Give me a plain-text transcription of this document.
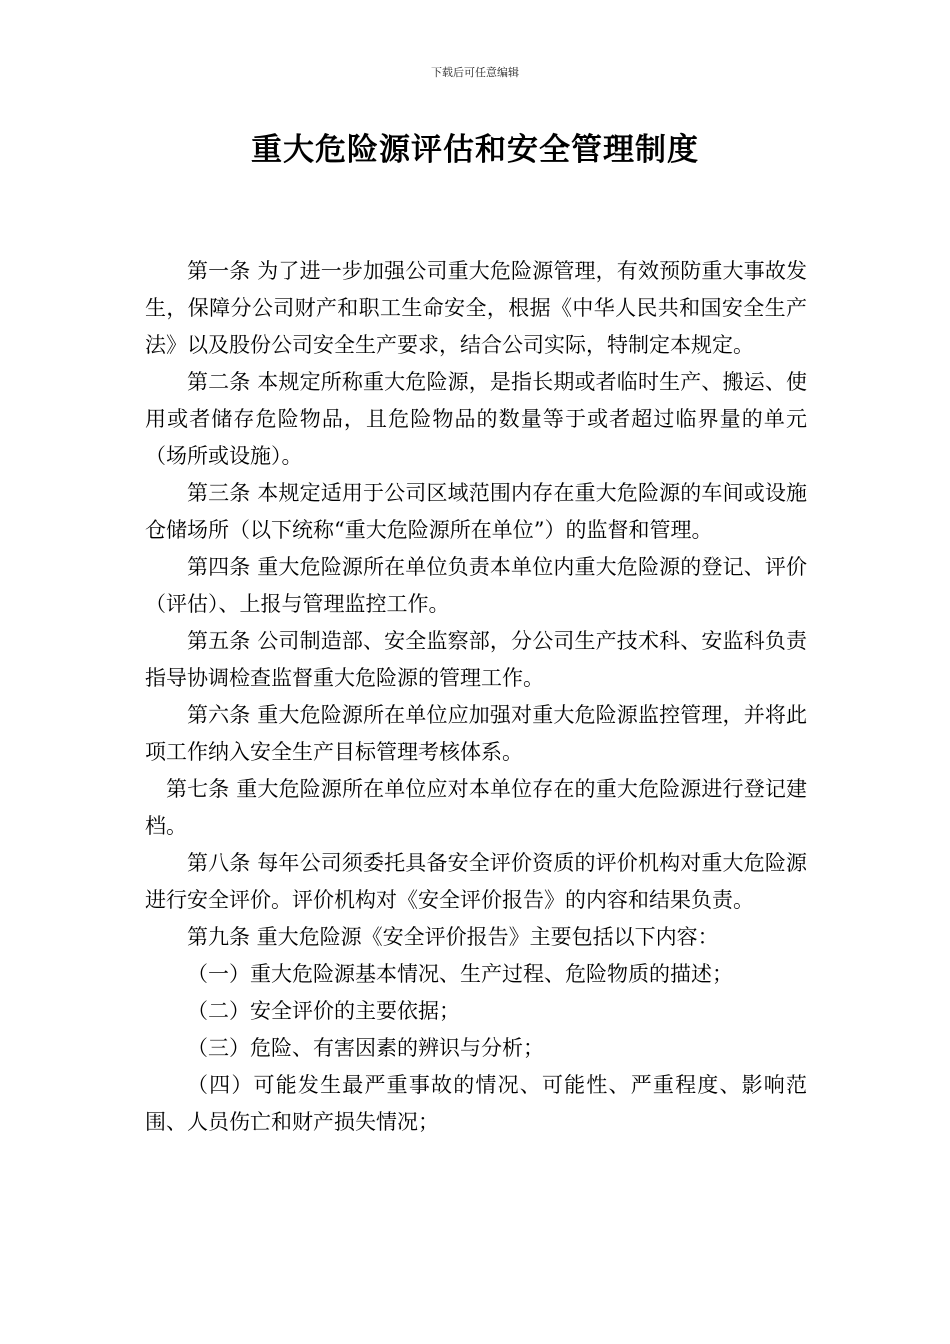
下载后可任意编辑
重大危险源评估和安全管理制度

第一条 为了进一步加强公司重大危险源管理，有效预防重大事故发生，保障分公司财产和职工生命安全，根据《中华人民共和国安全生产法》以及股份公司安全生产要求，结合公司实际，特制定本规定。

第二条 本规定所称重大危险源，是指长期或者临时生产、搬运、使用或者储存危险物品，且危险物品的数量等于或者超过临界量的单元（场所或设施）。

第三条 本规定适用于公司区域范围内存在重大危险源的车间或设施仓储场所（以下统称“重大危险源所在单位”）的监督和管理。

第四条 重大危险源所在单位负责本单位内重大危险源的登记、评价（评估）、上报与管理监控工作。

第五条 公司制造部、安全监察部，分公司生产技术科、安监科负责指导协调检查监督重大危险源的管理工作。

第六条 重大危险源所在单位应加强对重大危险源监控管理，并将此项工作纳入安全生产目标管理考核体系。

第七条 重大危险源所在单位应对本单位存在的重大危险源进行登记建档。

第八条 每年公司须委托具备安全评价资质的评价机构对重大危险源进行安全评价。评价机构对《安全评价报告》的内容和结果负责。

第九条 重大危险源《安全评价报告》主要包括以下内容：

（一）重大危险源基本情况、生产过程、危险物质的描述；

（二）安全评价的主要依据；

（三）危险、有害因素的辨识与分析；

（四）可能发生最严重事故的情况、可能性、严重程度、影响范围、人员伤亡和财产损失情况；
